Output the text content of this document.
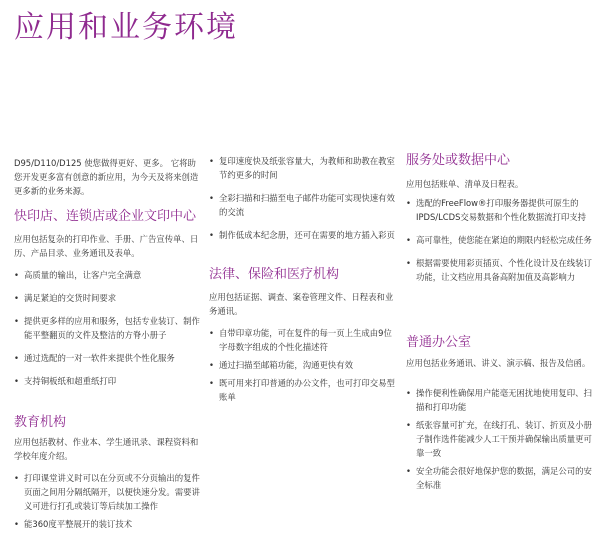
应用和业务环境

D95/D110/D125 使您做得更好、更多。 它将助您开发更多富有创意的新应用，为今天及将来创造更多新的业务来源。

快印店、连锁店或企业文印中心

应用包括复杂的打印作业、手册、广告宣传单、日历、产品目录、业务通讯及表单。

• 高质量的输出，让客户完全满意
• 满足紧迫的交货时间要求
• 提供更多样的应用和服务，包括专业装订、制作能平整翻页的文件及整洁的方脊小册子
• 通过选配的一对一软件来提供个性化服务
• 支持铜板纸和超重纸打印
教育机构

应用包括教材、作业本、学生通讯录、课程资料和学校年度介绍。

• 打印课堂讲义时可以在分页或不分页输出的复件页面之间用分隔纸隔开，以便快速分发。需要讲义可进行打孔或装订等后续加工操作
• 能360度平整展开的装订技术
• 复印速度快及纸张容量大，为教师和助教在教室节约更多的时间
• 全彩扫描和扫描至电子邮件功能可实现快速有效的交流
• 制作低成本纪念册，还可在需要的地方插入彩页
法律、保险和医疗机构

应用包括证据、调查、案卷管理文件、日程表和业务通讯。

• 自带印章功能，可在复件的每一页上生成由9位字母数字组成的个性化描述符
• 通过扫描至邮箱功能，沟通更快有效
• 既可用来打印普通的办公文件，也可打印交易型账单
服务处或数据中心

应用包括账单、清单及日程表。

• 选配的FreeFlow®打印服务器提供可原生的IPDS/LCDS交易数据和个性化数据流打印支持
• 高可靠性，使您能在紧迫的期限内轻松完成任务
• 根据需要使用彩页插页、个性化设计及在线装订功能，让文档应用具备高附加值及高影响力
普通办公室

应用包括业务通讯、讲义、演示稿、报告及信函。

• 操作便利性确保用户能毫无困扰地使用复印、扫描和打印功能
• 纸张容量可扩充，在线打孔、装订、折页及小册子制作选件能减少人工干预并确保输出质量更可靠一致
• 安全功能会很好地保护您的数据，满足公司的安全标准
